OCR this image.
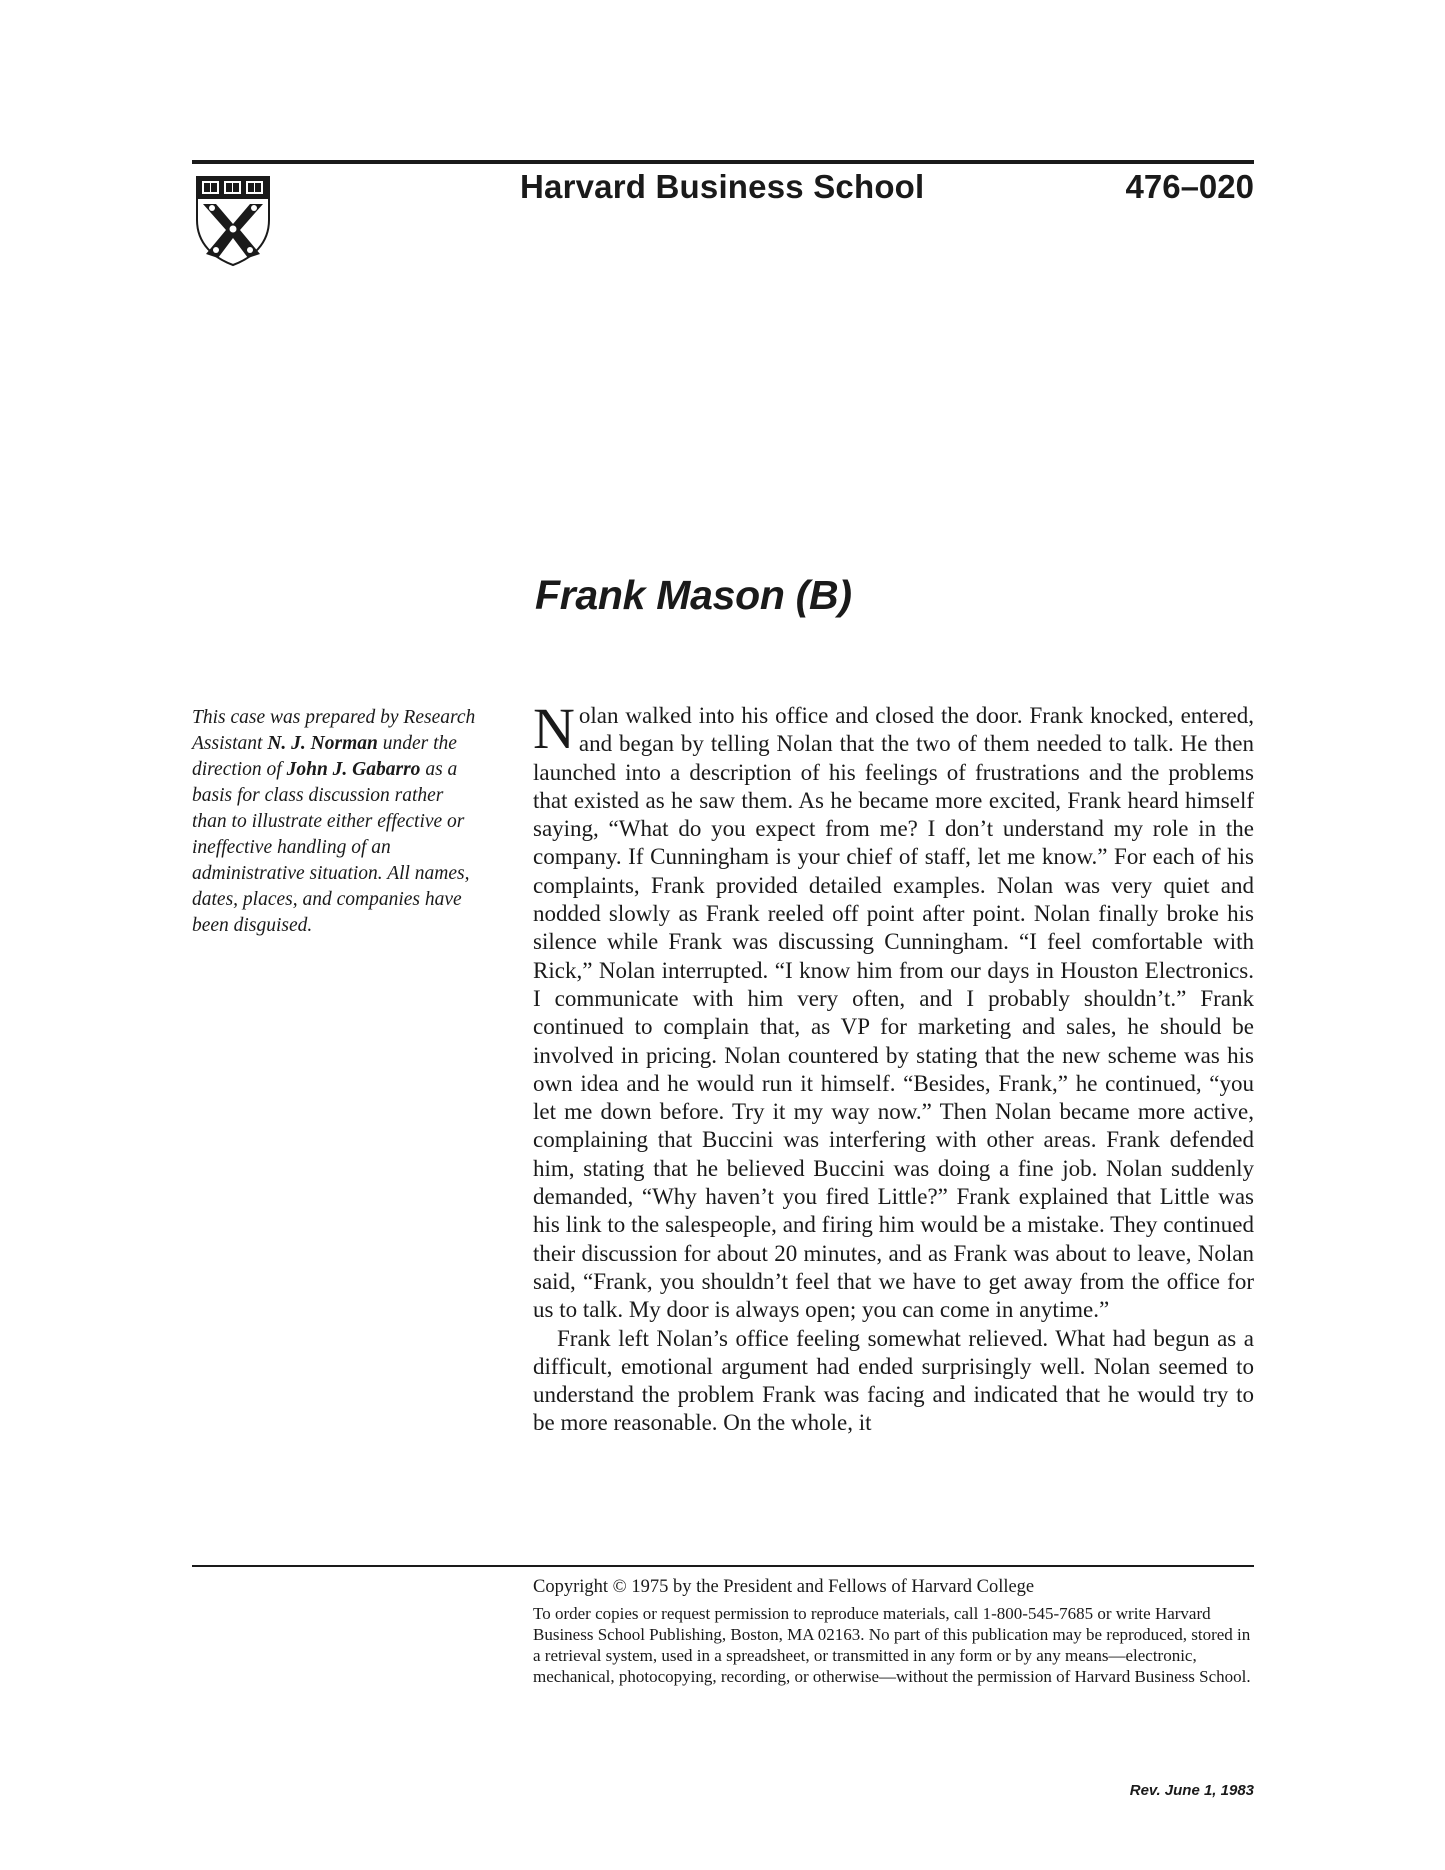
Harvard Business School	476–020
Frank Mason (B)
This case was prepared by Research Assistant N. J. Norman under the direction of John J. Gabarro as a basis for class discussion rather than to illustrate either effective or ineffective handling of an administrative situation. All names, dates, places, and companies have been disguised.

Nolan walked into his office and closed the door. Frank knocked, entered, and began by telling Nolan that the two of them needed to talk. He then launched into a description of his feelings of frustrations and the problems that existed as he saw them. As he became more excited, Frank heard himself saying, “What do you expect from me? I don’t understand my role in the company. If Cunningham is your chief of staff, let me know.” For each of his complaints, Frank provided detailed examples. Nolan was very quiet and nodded slowly as Frank reeled off point after point. Nolan finally broke his silence while Frank was discussing Cunningham. “I feel comfortable with Rick,” Nolan interrupted. “I know him from our days in Houston Electronics. I communicate with him very often, and I probably shouldn’t.” Frank continued to complain that, as VP for marketing and sales, he should be involved in pricing. Nolan countered by stating that the new scheme was his own idea and he would run it himself. “Besides, Frank,” he continued, “you let me down before. Try it my way now.” Then Nolan became more active, complaining that Buccini was interfering with other areas. Frank defended him, stating that he believed Buccini was doing a fine job. Nolan suddenly demanded, “Why haven’t you fired Little?” Frank explained that Little was his link to the salespeople, and firing him would be a mistake. They continued their discussion for about 20 minutes, and as Frank was about to leave, Nolan said, “Frank, you shouldn’t feel that we have to get away from the office for us to talk. My door is always open; you can come in anytime.”

Frank left Nolan’s office feeling somewhat relieved. What had begun as a difficult, emotional argument had ended surprisingly well. Nolan seemed to understand the problem Frank was facing and indicated that he would try to be more reasonable. On the whole, it

Copyright © 1975 by the President and Fellows of Harvard College
To order copies or request permission to reproduce materials, call 1-800-545-7685 or write Harvard Business School Publishing, Boston, MA 02163. No part of this publication may be reproduced, stored in a retrieval system, used in a spreadsheet, or transmitted in any form or by any means—electronic, mechanical, photocopying, recording, or otherwise—without the permission of Harvard Business School.
Rev. June 1, 1983
